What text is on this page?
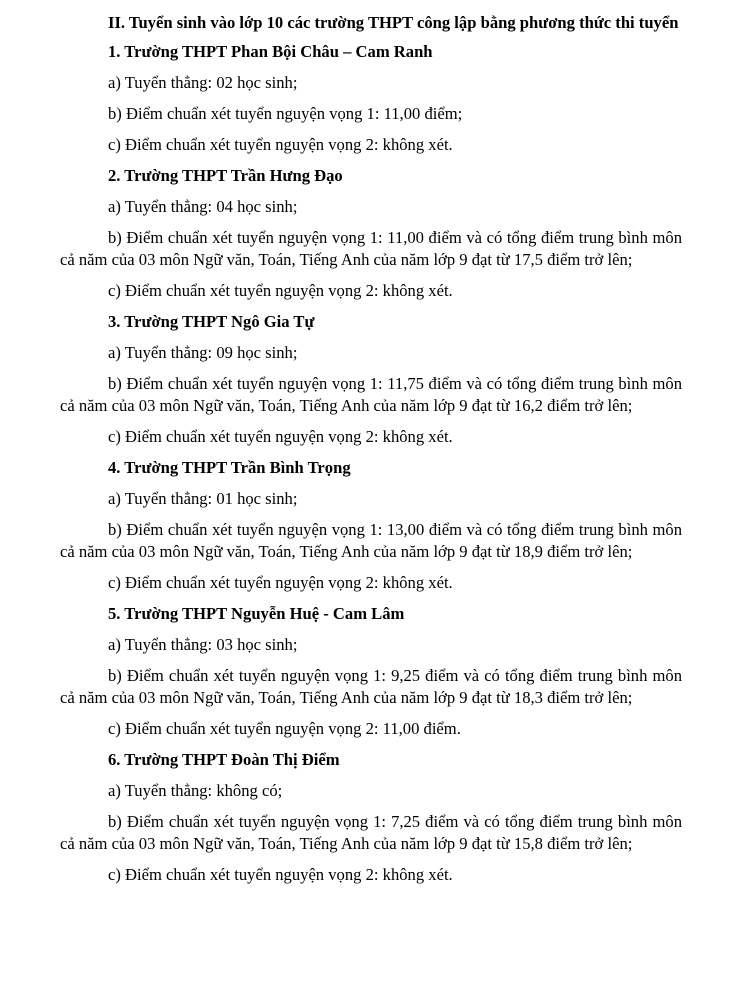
II. Tuyển sinh vào lớp 10 các trường THPT công lập bằng phương thức thi tuyển

1. Trường THPT Phan Bội Châu – Cam Ranh

a) Tuyển thẳng: 02 học sinh;

b) Điểm chuẩn xét tuyển nguyện vọng 1: 11,00 điểm;

c) Điểm chuẩn xét tuyển nguyện vọng 2: không xét.

2. Trường THPT Trần Hưng Đạo

a) Tuyển thẳng: 04 học sinh;

b) Điểm chuẩn xét tuyển nguyện vọng 1: 11,00 điểm và có tổng điểm trung bình môn cả năm của 03 môn Ngữ văn, Toán, Tiếng Anh của năm lớp 9 đạt từ 17,5 điểm trở lên;

c) Điểm chuẩn xét tuyển nguyện vọng 2: không xét.

3. Trường THPT Ngô Gia Tự

a) Tuyển thẳng: 09 học sinh;

b) Điểm chuẩn xét tuyển nguyện vọng 1: 11,75 điểm và có tổng điểm trung bình môn cả năm của 03 môn Ngữ văn, Toán, Tiếng Anh của năm lớp 9 đạt từ 16,2 điểm trở lên;

c) Điểm chuẩn xét tuyển nguyện vọng 2: không xét.

4. Trường THPT Trần Bình Trọng

a) Tuyển thẳng: 01 học sinh;

b) Điểm chuẩn xét tuyển nguyện vọng 1: 13,00 điểm và có tổng điểm trung bình môn cả năm của 03 môn Ngữ văn, Toán, Tiếng Anh của năm lớp 9 đạt từ 18,9 điểm trở lên;

c) Điểm chuẩn xét tuyển nguyện vọng 2: không xét.

5. Trường THPT Nguyễn Huệ - Cam Lâm

a) Tuyển thẳng: 03 học sinh;

b) Điểm chuẩn xét tuyển nguyện vọng 1: 9,25 điểm và có tổng điểm trung bình môn cả năm của 03 môn Ngữ văn, Toán, Tiếng Anh của năm lớp 9 đạt từ 18,3 điểm trở lên;

c) Điểm chuẩn xét tuyển nguyện vọng 2: 11,00 điểm.

6. Trường THPT Đoàn Thị Điểm

a) Tuyển thẳng: không có;

b) Điểm chuẩn xét tuyển nguyện vọng 1: 7,25 điểm và có tổng điểm trung bình môn cả năm của 03 môn Ngữ văn, Toán, Tiếng Anh của năm lớp 9 đạt từ 15,8 điểm trở lên;

c) Điểm chuẩn xét tuyển nguyện vọng 2: không xét.
